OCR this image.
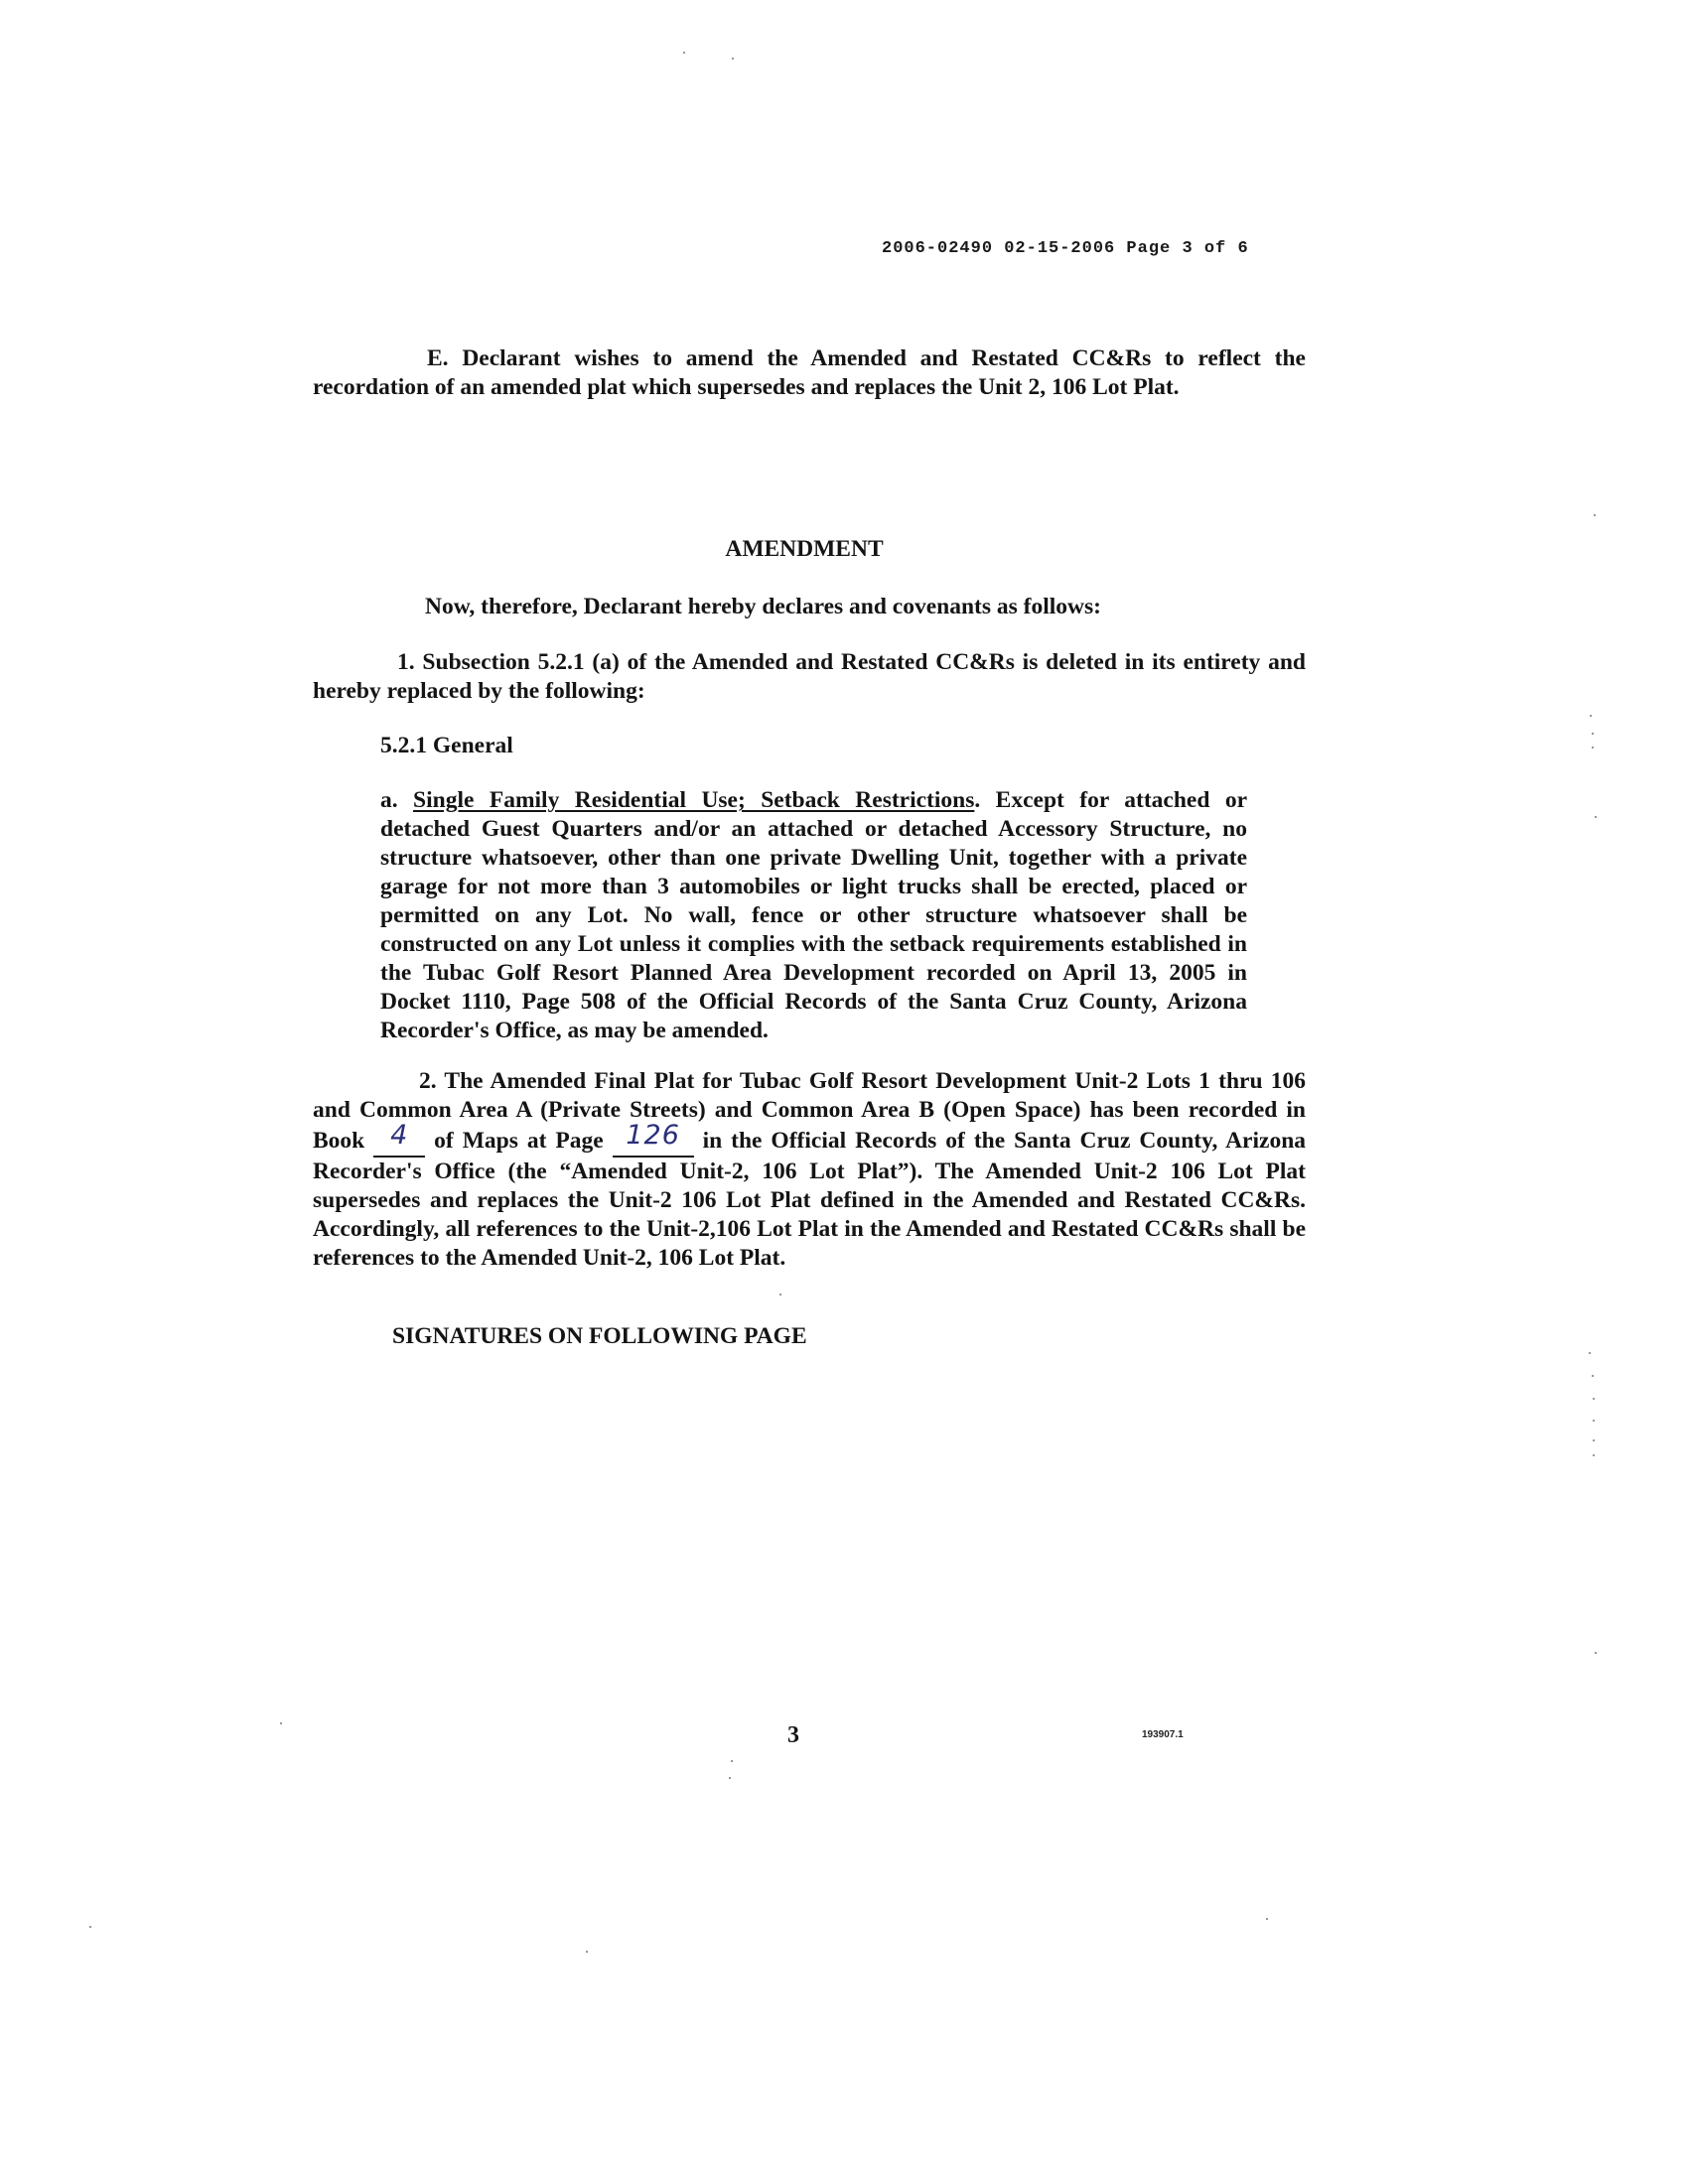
2006-02490 02-15-2006 Page 3 of 6
E. Declarant wishes to amend the Amended and Restated CC&Rs to reflect the recordation of an amended plat which supersedes and replaces the Unit 2, 106 Lot Plat.
AMENDMENT
Now, therefore, Declarant hereby declares and covenants as follows:
1. Subsection 5.2.1 (a) of the Amended and Restated CC&Rs is deleted in its entirety and hereby replaced by the following:
5.2.1 General
a. Single Family Residential Use; Setback Restrictions. Except for attached or detached Guest Quarters and/or an attached or detached Accessory Structure, no structure whatsoever, other than one private Dwelling Unit, together with a private garage for not more than 3 automobiles or light trucks shall be erected, placed or permitted on any Lot. No wall, fence or other structure whatsoever shall be constructed on any Lot unless it complies with the setback requirements established in the Tubac Golf Resort Planned Area Development recorded on April 13, 2005 in Docket 1110, Page 508 of the Official Records of the Santa Cruz County, Arizona Recorder's Office, as may be amended.
2. The Amended Final Plat for Tubac Golf Resort Development Unit-2 Lots 1 thru 106 and Common Area A (Private Streets) and Common Area B (Open Space) has been recorded in Book 4 of Maps at Page 126 in the Official Records of the Santa Cruz County, Arizona Recorder's Office (the “Amended Unit-2, 106 Lot Plat”). The Amended Unit-2 106 Lot Plat supersedes and replaces the Unit-2 106 Lot Plat defined in the Amended and Restated CC&Rs. Accordingly, all references to the Unit-2,106 Lot Plat in the Amended and Restated CC&Rs shall be references to the Amended Unit-2, 106 Lot Plat.
SIGNATURES ON FOLLOWING PAGE
3	193907.1
